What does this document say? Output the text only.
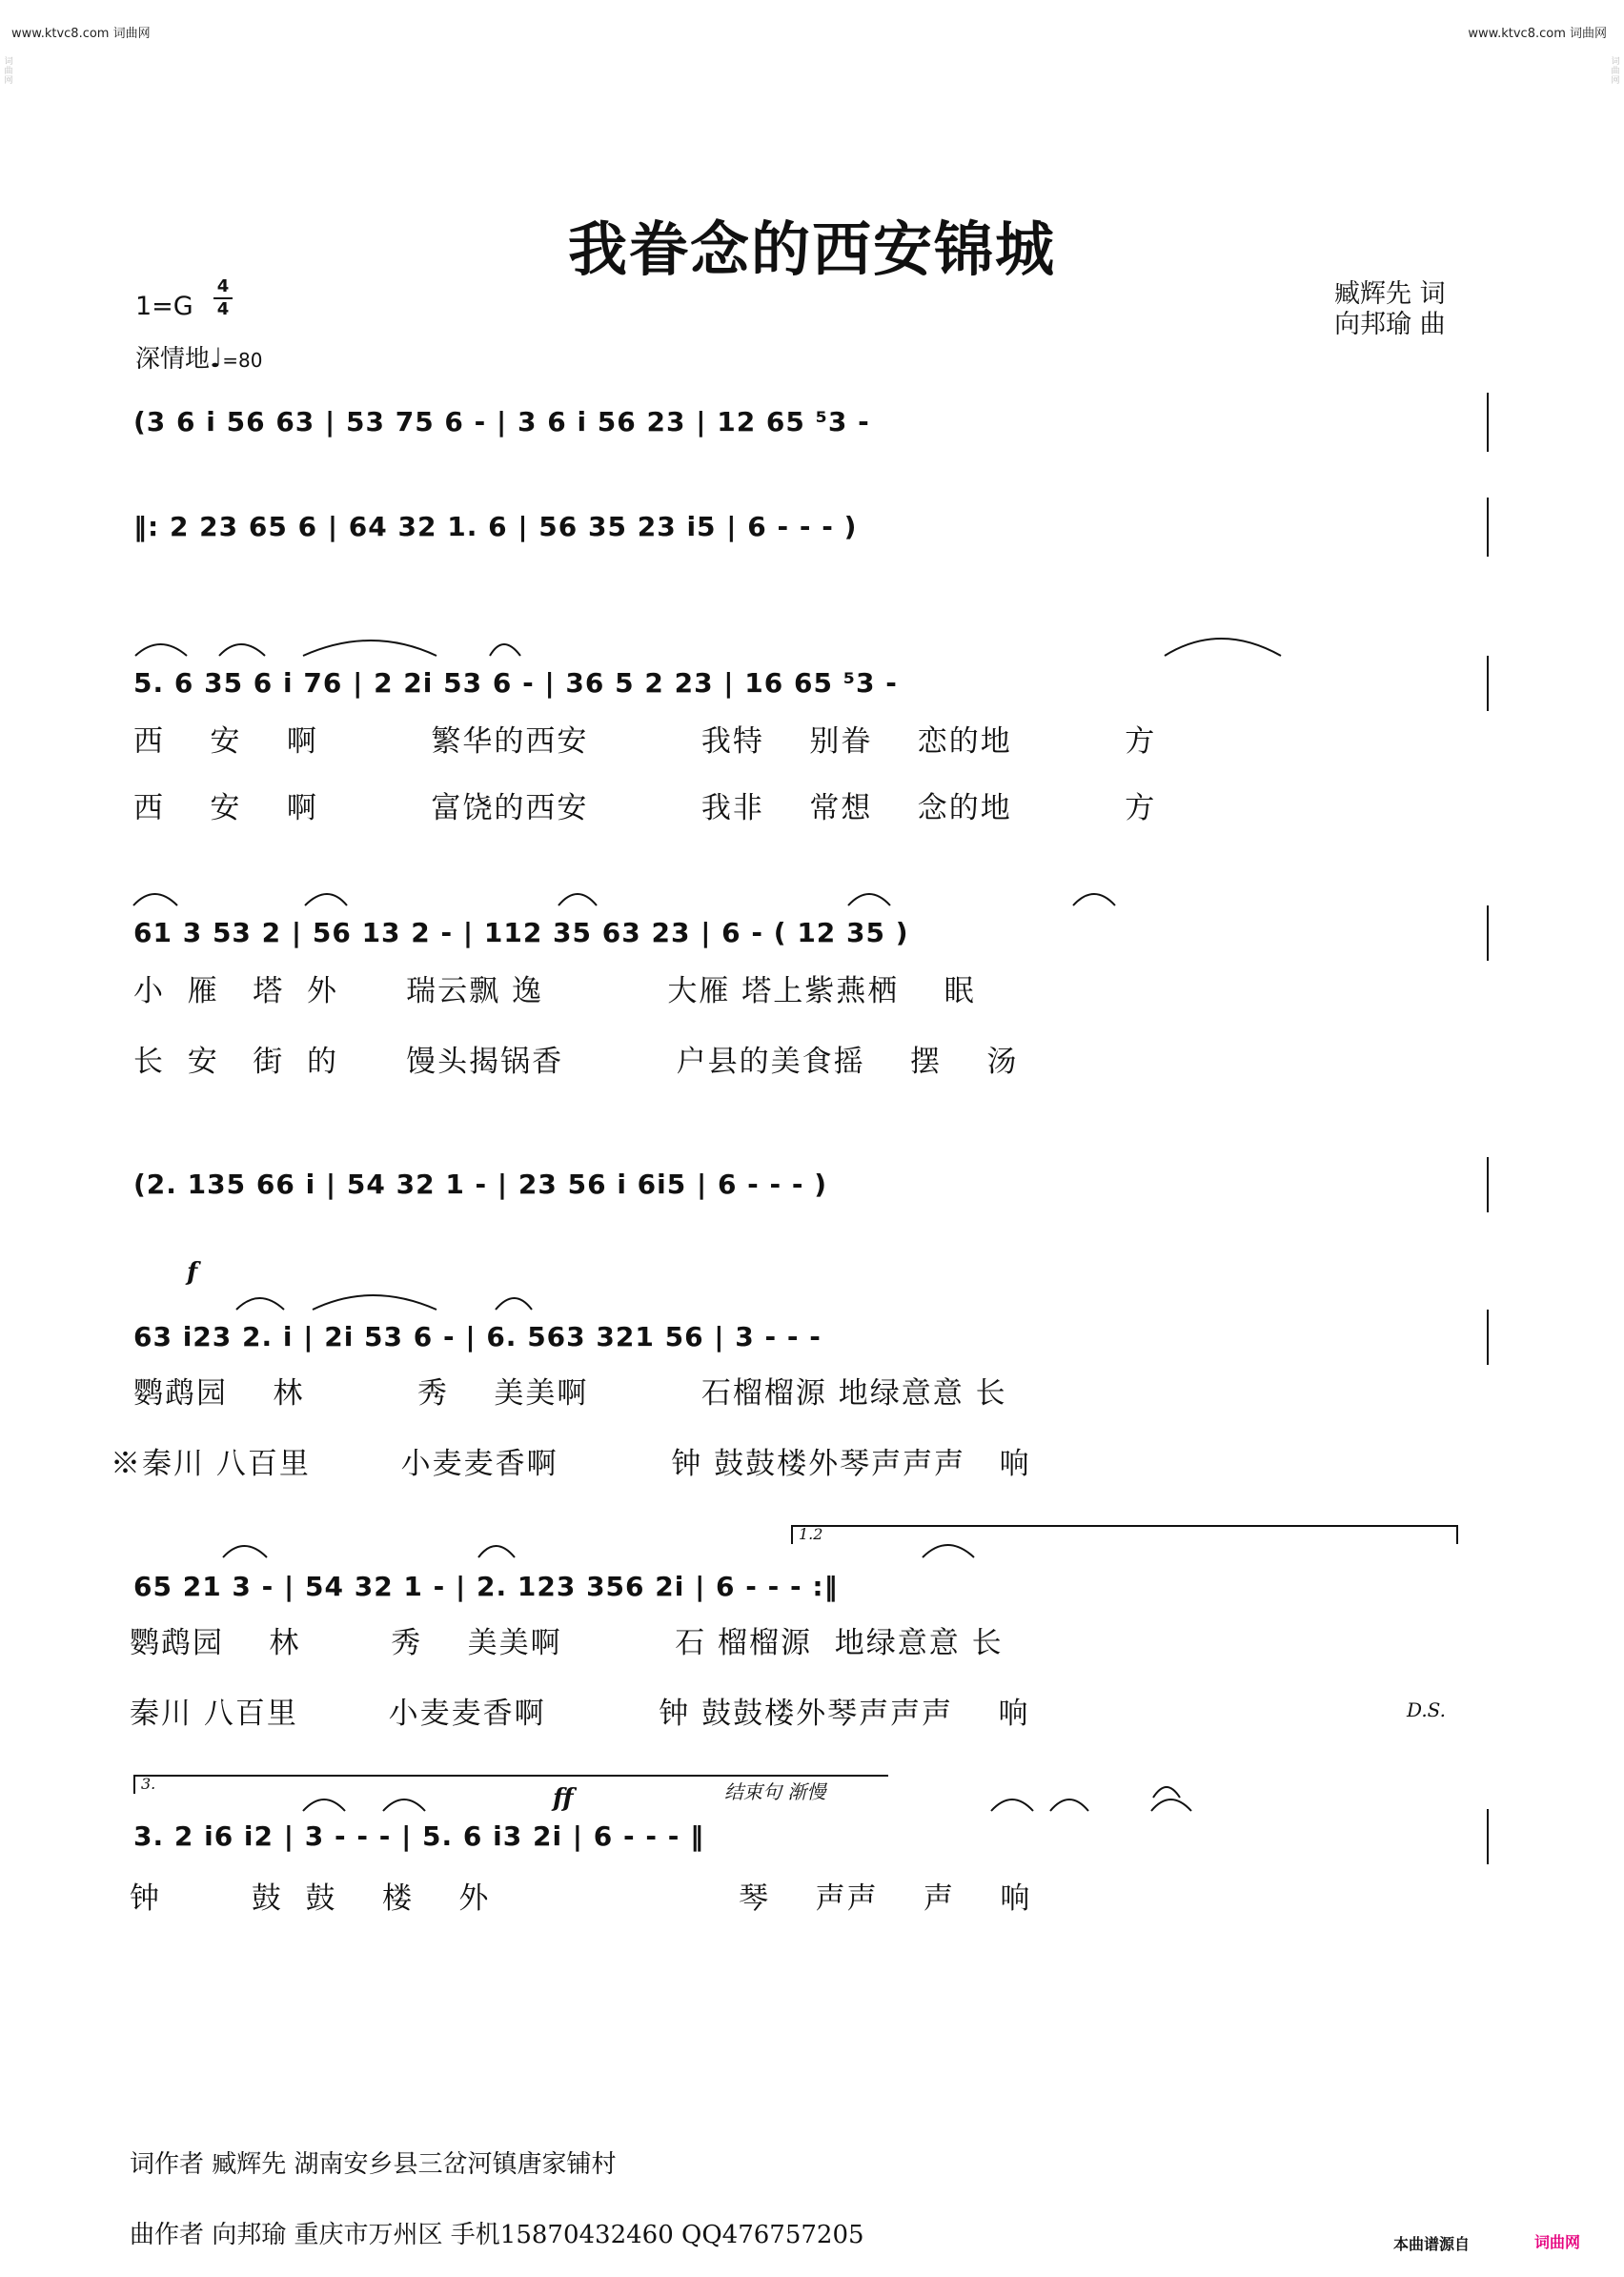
www.ktvc8.com 词曲网	www.ktvc8.com 词曲网
词曲网
词曲网
我眷念的西安锦城
臧辉先 词
向邦瑜 曲
1=G
4
4
深情地♩=80
(3 6 i 56 63 | 53 75 6 - | 3 6 i 56 23 | 12 65 ⁵3 -
‖: 2 23 65 6 | 64 32 1. 6 | 56 35 23 i5 | 6 - - - )
5. 6 35 6 i 76 | 2 2i 53 6 - | 36 5 2 23 | 16 65 ⁵3 -
西    安    啊          繁华的西安          我特    别眷    恋的地          方
西    安    啊          富饶的西安          我非    常想    念的地          方
61 3 53 2 | 56 13 2 - | 112 35 63 23 | 6 - ( 12 35 )
小  雁   塔  外      瑞云飘 逸           大雁 塔上紫燕栖    眠
长  安   街  的      馒头揭锅香          户县的美食摇    摆    汤
(2. 135 66 i | 54 32 1 - | 23 56 i 6i5 | 6 - - - )
f
63 i23 2. i | 2i 53 6 - | 6. 563 321 56 | 3 - - -
鹦鹉园    林          秀    美美啊          石榴榴源 地绿意意 长
※秦川 八百里        小麦麦香啊          钟 鼓鼓楼外琴声声声   响
1.2
65 21 3 - | 54 32 1 - | 2. 123 356 2i | 6 - - - :‖
鹦鹉园    林        秀    美美啊          石 榴榴源  地绿意意 长
秦川 八百里        小麦麦香啊          钟 鼓鼓楼外琴声声声    响	D.S.
3.
ff	结束句 渐慢
3. 2 i6 i2 | 3 - - - | 5. 6 i3 2i | 6 - - - ‖
钟        鼓  鼓    楼    外                      琴    声声    声    响
词作者 臧辉先 湖南安乡县三岔河镇唐家铺村
曲作者 向邦瑜 重庆市万州区 手机15870432460 QQ476757205	本曲谱源自	词曲网
